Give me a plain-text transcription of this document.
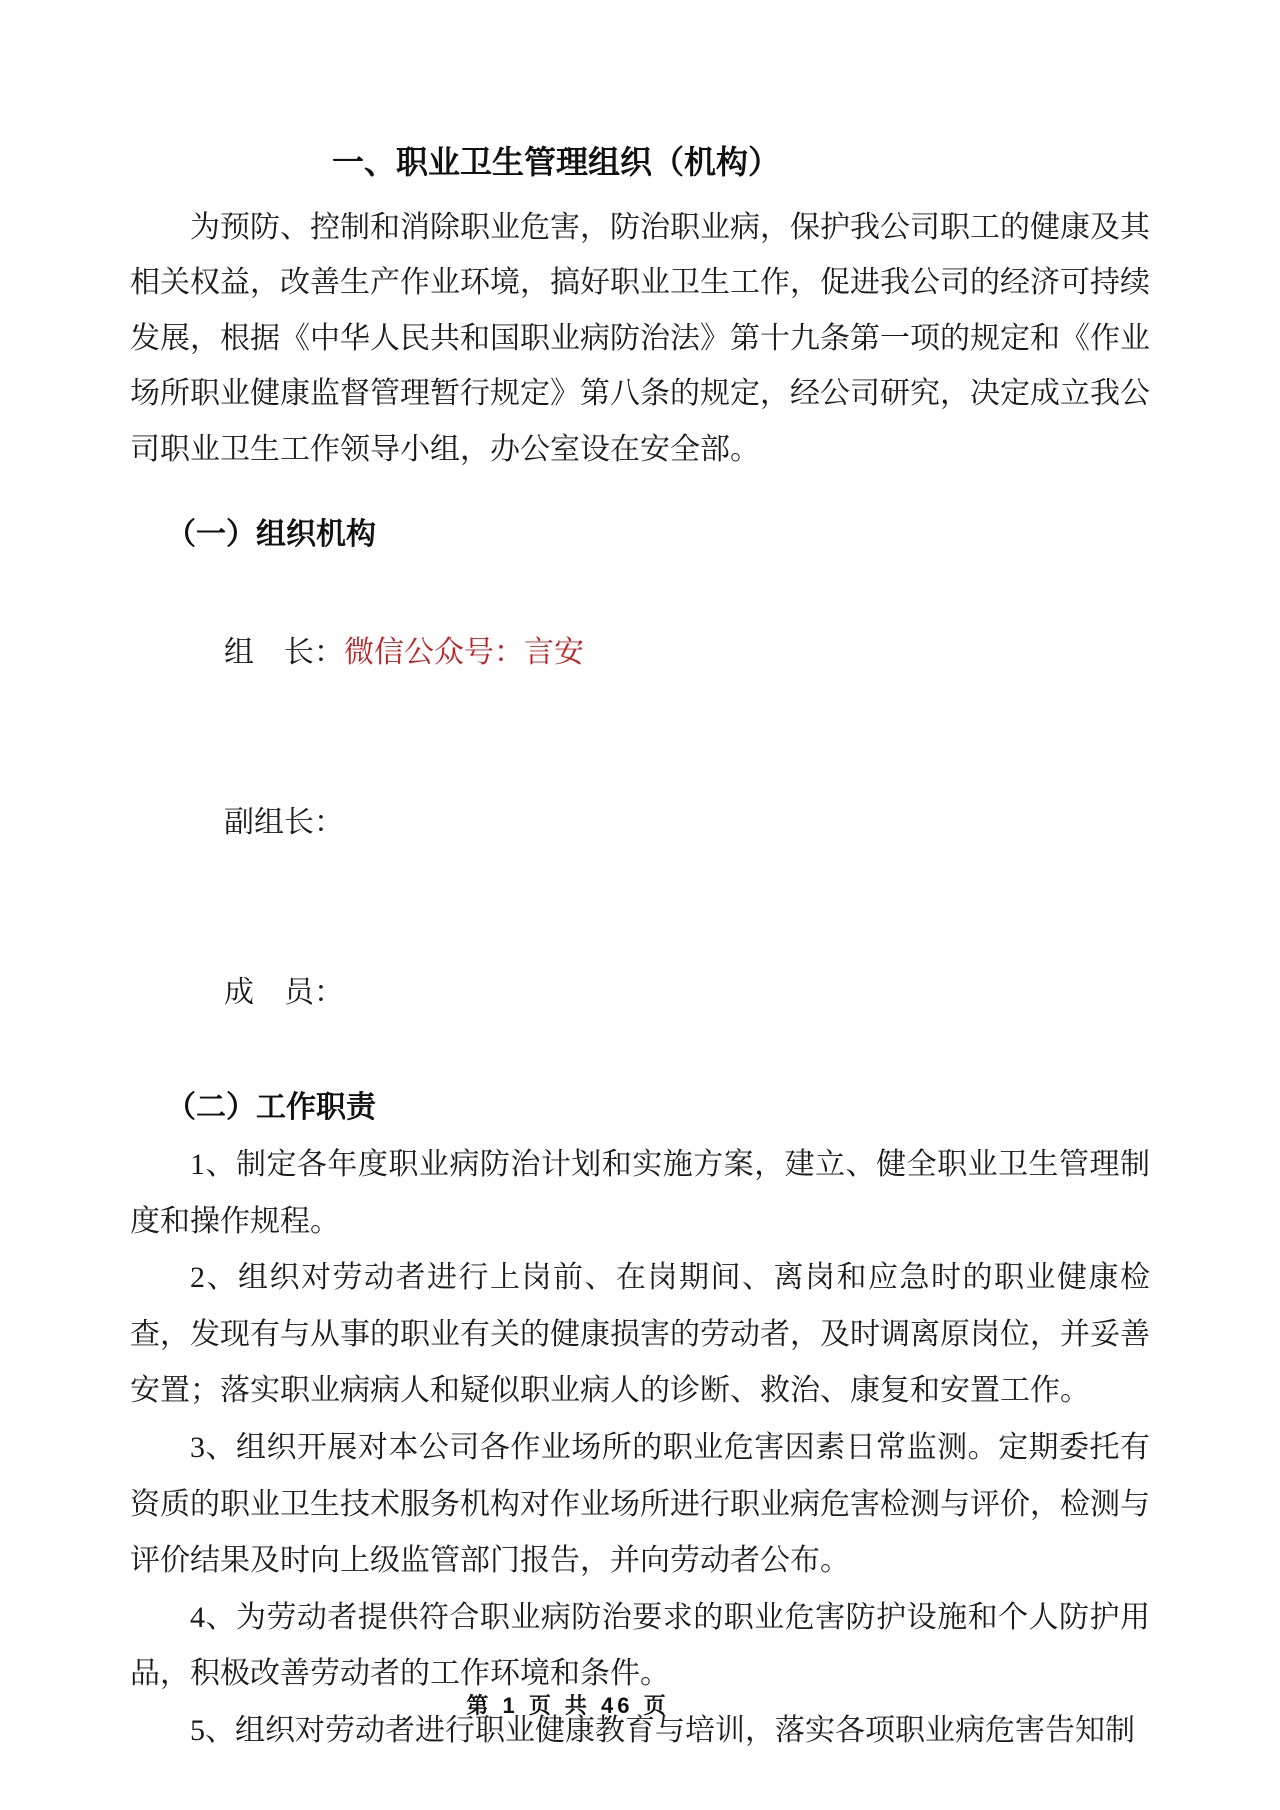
一、职业卫生管理组织（机构）

为预防、控制和消除职业危害，防治职业病，保护我公司职工的健康及其相关权益，改善生产作业环境，搞好职业卫生工作，促进我公司的经济可持续发展，根据《中华人民共和国职业病防治法》第十九条第一项的规定和《作业场所职业健康监督管理暂行规定》第八条的规定，经公司研究，决定成立我公司职业卫生工作领导小组，办公室设在安全部。

（一）组织机构

组　长：微信公众号：言安

副组长：

成　员：

（二）工作职责

1、制定各年度职业病防治计划和实施方案，建立、健全职业卫生管理制度和操作规程。

2、组织对劳动者进行上岗前、在岗期间、离岗和应急时的职业健康检查，发现有与从事的职业有关的健康损害的劳动者，及时调离原岗位，并妥善安置；落实职业病病人和疑似职业病人的诊断、救治、康复和安置工作。

3、组织开展对本公司各作业场所的职业危害因素日常监测。定期委托有资质的职业卫生技术服务机构对作业场所进行职业病危害检测与评价，检测与评价结果及时向上级监管部门报告，并向劳动者公布。

4、为劳动者提供符合职业病防治要求的职业危害防护设施和个人防护用品，积极改善劳动者的工作环境和条件。

5、组织对劳动者进行职业健康教育与培训，落实各项职业病危害告知制

第 1 页 共 46 页
